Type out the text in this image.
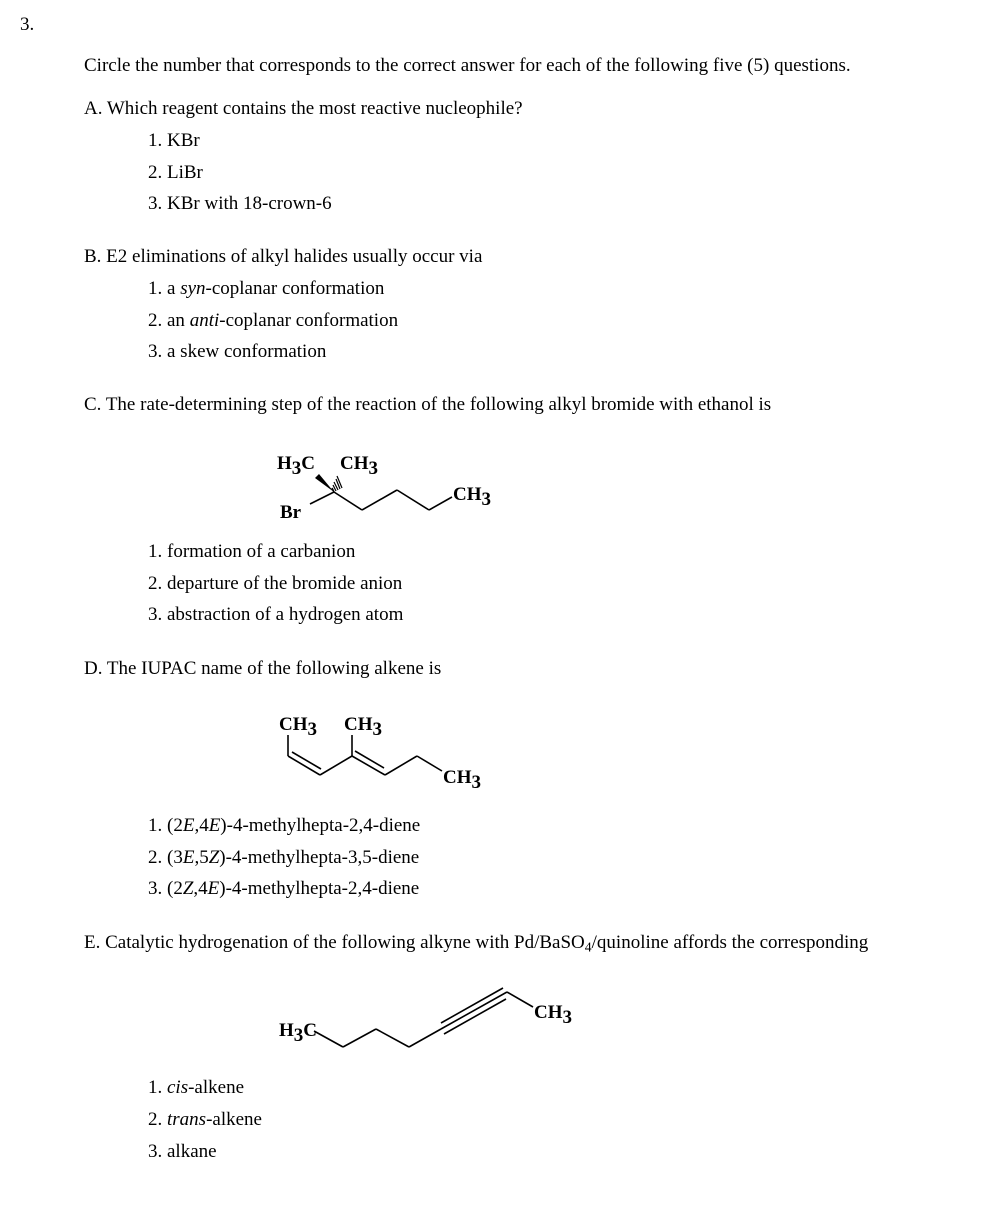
3.
Circle the number that corresponds to the correct answer for each of the following five (5) questions.
A. Which reagent contains the most reactive nucleophile?
1. KBr
2. LiBr
3. KBr with 18-crown-6
B. E2 eliminations of alkyl halides usually occur via
1. a syn-coplanar conformation
2. an anti-coplanar conformation
3. a skew conformation
C. The rate-determining step of the reaction of the following alkyl bromide with ethanol is
H3C CH3
CH3
Br
1. formation of a carbanion
2. departure of the bromide anion
3. abstraction of a hydrogen atom
D. The IUPAC name of the following alkene is
CH3 CH3
CH3
1. (2E,4E)-4-methylhepta-2,4-diene
2. (3E,5Z)-4-methylhepta-3,5-diene
3. (2Z,4E)-4-methylhepta-2,4-diene
E. Catalytic hydrogenation of the following alkyne with Pd/BaSO$_4$/quinoline affords the corresponding
H3C
CH3
1. cis-alkene
2. trans-alkene
3. alkane
